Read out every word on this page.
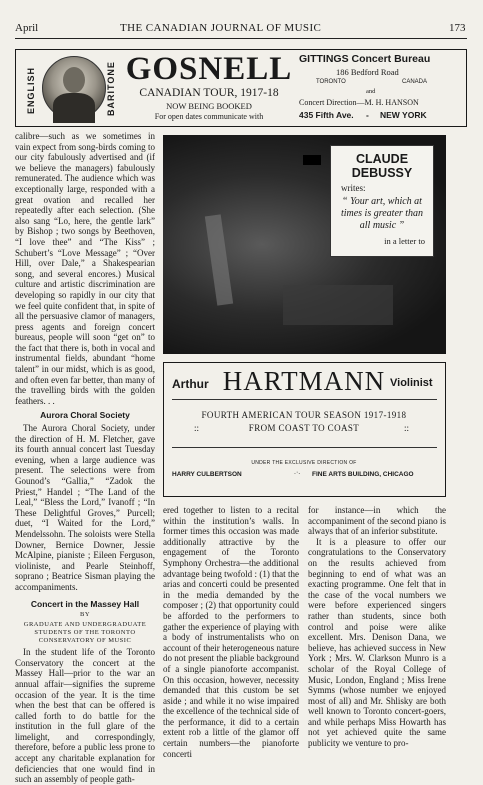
April	THE CANADIAN JOURNAL OF MUSIC	173
ENGLISH	BARITONE GOSNELL
CANADIAN TOUR, 1917-18
NOW BEING BOOKED
For open dates communicate with
GITTINGS Concert Bureau
186 Bedford Road
TORONTO	CANADA
and
Concert Direction—M. H. HANSON
435 Fifth Ave. - NEW YORK

calibre—such as we sometimes in vain expect from song-birds coming to our city fabulously advertised and (if we believe the managers) fabulously remunerated. The audience which was exceptionally large, responded with a great ovation and recalled her repeatedly after each selection. (She also sang “Lo, here, the gentle lark” by Bishop ; two songs by Beethoven, “I love thee” and “The Kiss” ; Schubert’s “Love Message” ; “Over Hill, over Dale,” a Shakespearian song, and several encores.) Musical culture and artistic discrimination are developing so rapidly in our city that we feel quite confident that, in spite of all the persuasive clamor of managers, press agents and foreign concert bureaus, people will soon “get on” to the fact that there is, both in vocal and instrumental fields, abundant “home talent” in our midst, which is as good, and often even far better, than many of the travelling birds with the golden feathers. . .

Aurora Choral Society

The Aurora Choral Society, under the direction of H. M. Fletcher, gave its fourth annual concert last Tuesday evening, when a large audience was present. The selections were from Gounod’s “Gallia,” “Zadok the Priest,” Handel ; “The Land of the Leal,” “Bless the Lord,” Ivanoff ; “In These Delightful Groves,” Purcell; duet, “I Waited for the Lord,” Mendelssohn. The soloists were Stella Downer, Bernice Downer, Jessie McAlpine, pianiste ; Eileen Ferguson, violiniste, and Pearle Steinhoff, soprano ; Beatrice Sisman playing the accompaniments.

Concert in the Massey Hall
BY
GRADUATE AND UNDERGRADUATE STUDENTS OF THE TORONTO CONSERVATORY OF MUSIC

In the student life of the Toronto Conservatory the concert at the Massey Hall—prior to the war an annual affair—signifies the supreme occasion of the year. It is the time when the best that can be offered is called forth to do battle for the institution in the full glare of the limelight, and correspondingly, therefore, before a public less prone to accept any charitable explanation for deficiencies that one would find in such an assembly of people gath-

CLAUDE
DEBUSSY
writes:
“ Your art, which at times is greater than all music ”
in a letter to
Arthur HARTMANN Violinist
FOURTH AMERICAN TOUR SEASON 1917-1918
::	FROM COAST TO COAST	::
UNDER THE EXCLUSIVE DIRECTION OF
HARRY CULBERTSON	.·. FINE ARTS BUILDING, CHICAGO

ered together to listen to a recital within the institution’s walls. In former times this occasion was made additionally attractive by the engagement of the Toronto Symphony Orchestra—the additional advantage being twofold : (1) that the arias and concerti could be presented in the media demanded by the composer ; (2) that opportunity could be afforded to the performers to gather the experience of playing with a body of instrumentalists who on account of their heterogeneous nature do not present the pliable background of a single pianoforte accompanist. On this occasion, however, necessity demanded that this custom be set aside ; and while it no wise impaired the excellence of the technical side of the performance, it did to a certain extent rob a little of the glamor off certain numbers—the pianoforte concerti

for instance—in which the accompaniment of the second piano is always that of an inferior substitute.

It is a pleasure to offer our congratulations to the Conservatory on the results achieved from beginning to end of what was an exacting programme. One felt that in the case of the vocal numbers we were before experienced singers rather than students, since both control and poise were alike excellent. Mrs. Denison Dana, we believe, has achieved success in New York ; Mrs. W. Clarkson Munro is a scholar of the Royal College of Music, London, England ; Miss Irene Symms (whose number we enjoyed most of all) and Mr. Shlisky are both well known to Toronto concert-goers, and while perhaps Miss Howarth has not yet achieved quite the same publicity we venture to pro-
